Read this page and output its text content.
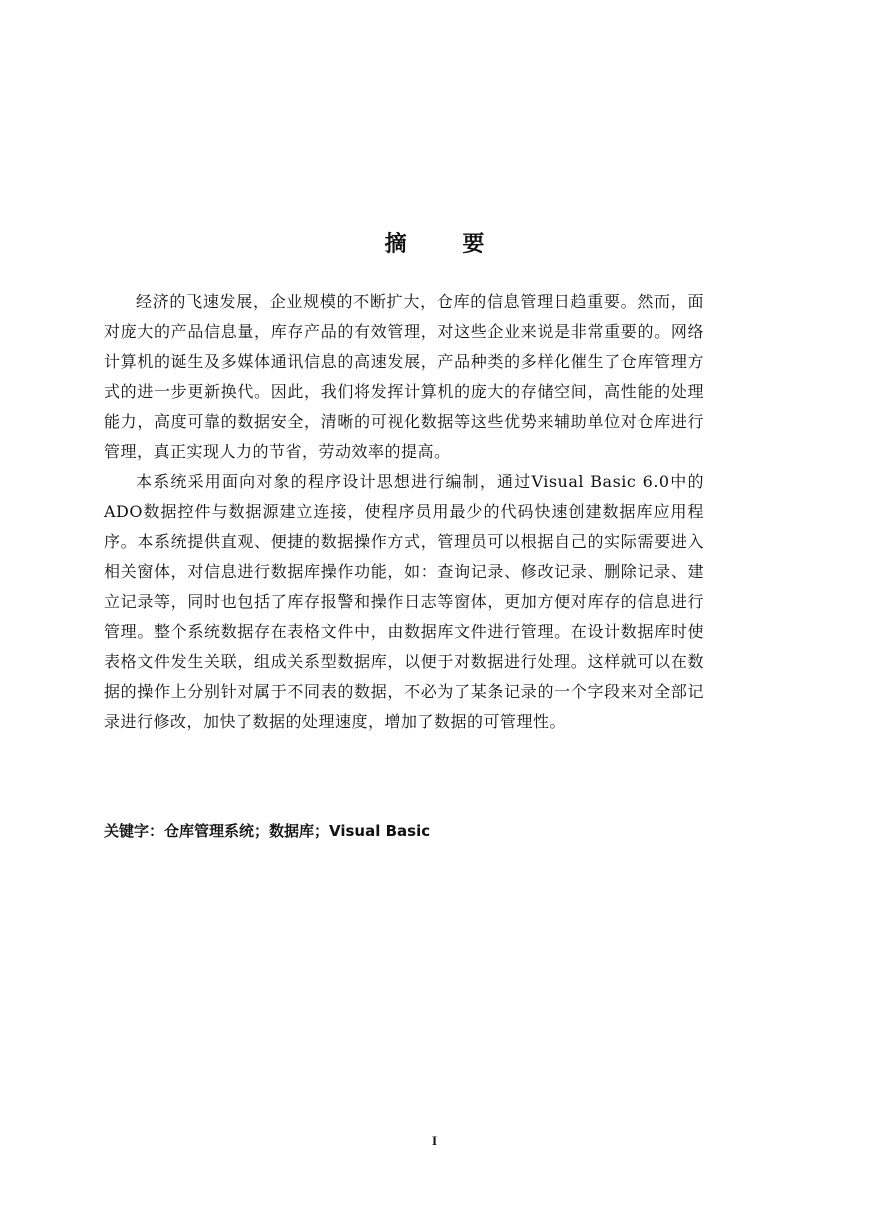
摘 要

经济的飞速发展，企业规模的不断扩大，仓库的信息管理日趋重要。然而，面对庞大的产品信息量，库存产品的有效管理，对这些企业来说是非常重要的。网络计算机的诞生及多媒体通讯信息的高速发展，产品种类的多样化催生了仓库管理方式的进一步更新换代。因此，我们将发挥计算机的庞大的存储空间，高性能的处理能力，高度可靠的数据安全，清晰的可视化数据等这些优势来辅助单位对仓库进行管理，真正实现人力的节省，劳动效率的提高。

本系统采用面向对象的程序设计思想进行编制，通过Visual Basic 6.0中的ADO数据控件与数据源建立连接，使程序员用最少的代码快速创建数据库应用程序。本系统提供直观、便捷的数据操作方式，管理员可以根据自己的实际需要进入相关窗体，对信息进行数据库操作功能，如：查询记录、修改记录、删除记录、建立记录等，同时也包括了库存报警和操作日志等窗体，更加方便对库存的信息进行管理。整个系统数据存在表格文件中，由数据库文件进行管理。在设计数据库时使表格文件发生关联，组成关系型数据库，以便于对数据进行处理。这样就可以在数据的操作上分别针对属于不同表的数据，不必为了某条记录的一个字段来对全部记录进行修改，加快了数据的处理速度，增加了数据的可管理性。

关键字：仓库管理系统；数据库；Visual Basic

I
